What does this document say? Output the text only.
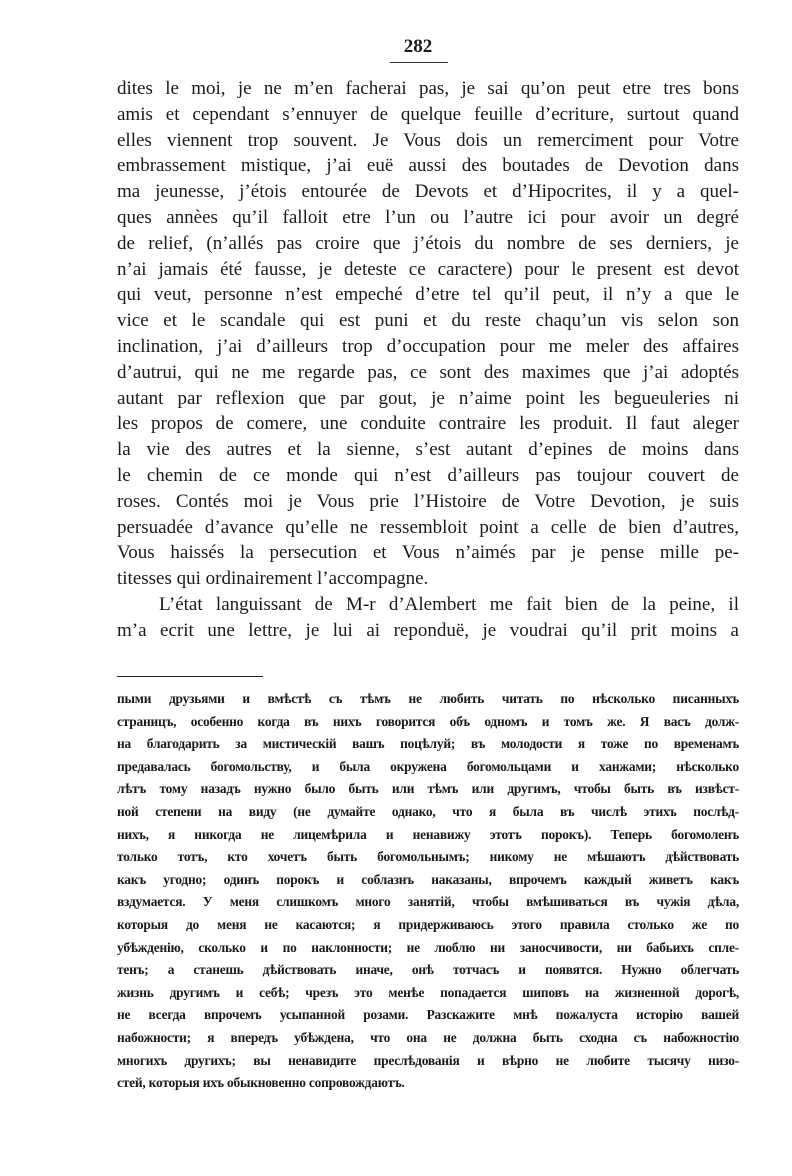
282
dites le moi, je ne m’en facherai pas, je sai qu’on peut etre tres bons
amis et cependant s’ennuyer de quelque feuille d’ecriture, surtout quand
elles viennent trop souvent. Je Vous dois un remerciment pour Votre
embrassement mistique, j’ai euë aussi des boutades de Devotion dans
ma jeunesse, j’étois entourée de Devots et d’Hipocrites, il y a quel-
ques annèes qu’il falloit etre l’un ou l’autre ici pour avoir un degré
de relief, (n’allés pas croire que j’étois du nombre de ses derniers, je
n’ai jamais été fausse, je deteste ce caractere) pour le present est devot
qui veut, personne n’est empeché d’etre tel qu’il peut, il n’y a que le
vice et le scandale qui est puni et du reste chaqu’un vis selon son
inclination, j’ai d’ailleurs trop d’occupation pour me meler des affaires
d’autrui, qui ne me regarde pas, ce sont des maximes que j’ai adoptés
autant par reflexion que par gout, je n’aime point les begueuleries ni
les propos de comere, une conduite contraire les produit. Il faut aleger
la vie des autres et la sienne, s’est autant d’epines de moins dans
le chemin de ce monde qui n’est d’ailleurs pas toujour couvert de
roses. Contés moi je Vous prie l’Histoire de Votre Devotion, je suis
persuadée d’avance qu’elle ne ressembloit point a celle de bien d’autres,
Vous haissés la persecution et Vous n’aimés par je pense mille pe-
titesses qui ordinairement l’accompagne.
L’état languissant de M-r d’Alembert me fait bien de la peine, il
m’a ecrit une lettre, je lui ai reponduë, je voudrai qu’il prit moins a
пыми друзьями и вмѣстѣ съ тѣмъ не любить читать по нѣсколько писанныхъ
страницъ, особенно когда въ нихъ говорится объ одномъ и томъ же. Я васъ долж-
на благодарить за мистическій вашъ поцѣлуй; въ молодости я тоже по временамъ
предавалась богомольству, и была окружена богомольцами и ханжами; нѣсколько
лѣтъ тому назадъ нужно было быть или тѣмъ или другимъ, чтобы быть въ извѣст-
ной степени на виду (не думайте однако, что я была въ числѣ этихъ послѣд-
нихъ, я никогда не лицемѣрила и ненавижу этотъ порокъ). Теперь богомоленъ
только тотъ, кто хочетъ быть богомольнымъ; никому не мѣшаютъ дѣйствовать
какъ угодно; одинъ порокъ и соблазнъ наказаны, впрочемъ каждый живетъ какъ
вздумается. У меня слишкомъ много занятій, чтобы вмѣшиваться въ чужія дѣла,
которыя до меня не касаются; я придерживаюсь этого правила столько же по
убѣжденію, сколько и по наклонности; не люблю ни заносчивости, ни бабьихъ спле-
тенъ; а станешь дѣйствовать иначе, онѣ тотчасъ и появятся. Нужно облегчать
жизнь другимъ и себѣ; чрезъ это менѣе попадается шиповъ на жизненной дорогѣ,
не всегда впрочемъ усыпанной розами. Разскажите мнѣ пожалуста исторію вашей
набожности; я впередъ убѣждена, что она не должна быть сходна съ набожностію
многихъ другихъ; вы ненавидите преслѣдованія и вѣрно не любите тысячу низо-
стей, которыя ихъ обыкновенно сопровождаютъ.
